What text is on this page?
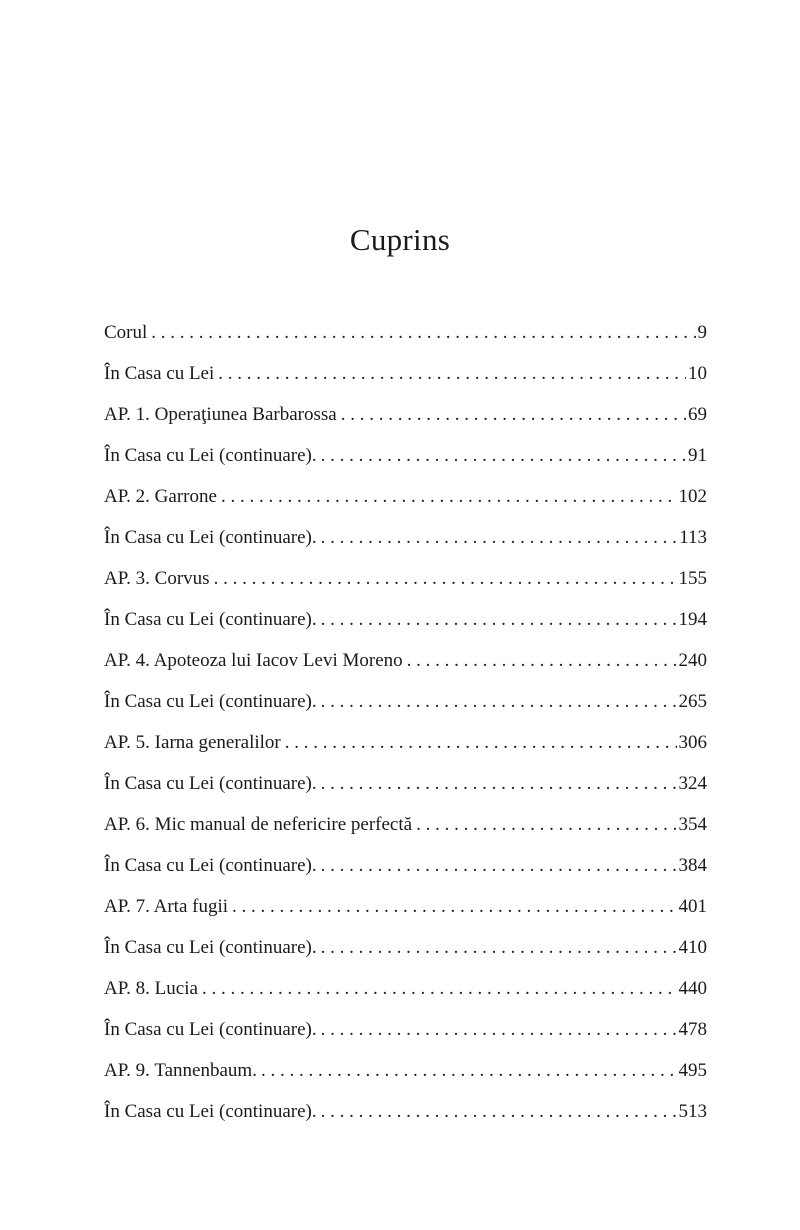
Cuprins
Corul . . .	9
În Casa cu Lei . . .	10
AP. 1. Operaţiunea Barbarossa . . .	69
În Casa cu Lei (continuare). . . .	91
AP. 2. Garrone . . .	102
În Casa cu Lei (continuare). . . .	113
AP. 3. Corvus . . .	155
În Casa cu Lei (continuare). . . .	194
AP. 4. Apoteoza lui Iacov Levi Moreno . . .	240
În Casa cu Lei (continuare). . . .	265
AP. 5. Iarna generalilor . . .	306
În Casa cu Lei (continuare). . . .	324
AP. 6. Mic manual de nefericire perfectă . . .	354
În Casa cu Lei (continuare). . . .	384
AP. 7. Arta fugii . . .	401
În Casa cu Lei (continuare). . . .	410
AP. 8. Lucia . . .	440
În Casa cu Lei (continuare). . . .	478
AP. 9. Tannenbaum. . . .	495
În Casa cu Lei (continuare). . . .	513
